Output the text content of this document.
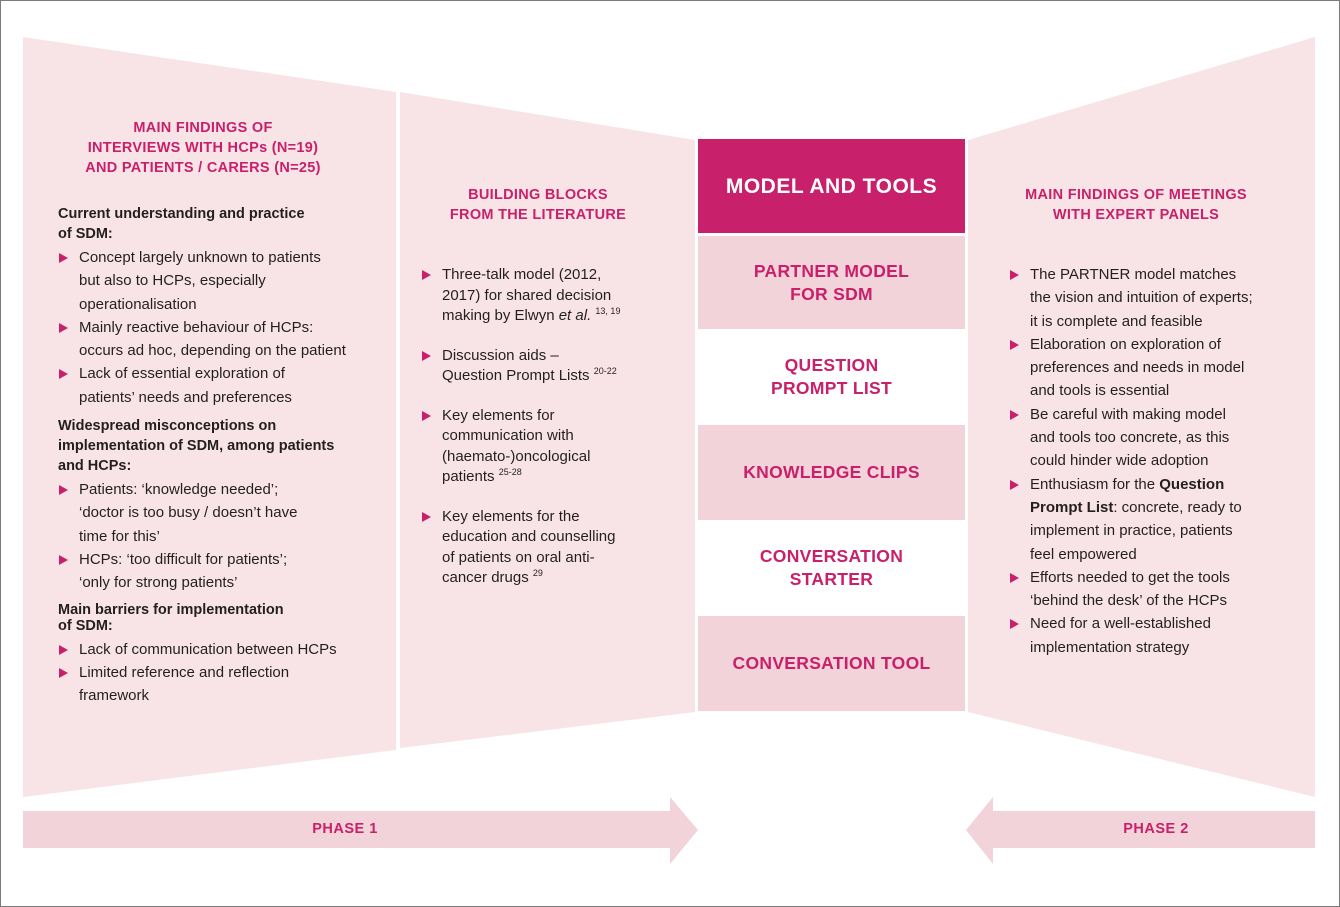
MAIN FINDINGS OF
INTERVIEWS WITH HCPs (N=19)
AND PATIENTS / CARERS (N=25)
Current understanding and practice
of SDM:
Concept largely unknown to patients
but also to HCPs, especially
operationalisation
Mainly reactive behaviour of HCPs:
occurs ad hoc, depending on the patient
Lack of essential exploration of
patients’ needs and preferences
Widespread misconceptions on
implementation of SDM, among patients
and HCPs:
Patients: ‘knowledge needed’;
‘doctor is too busy / doesn’t have
time for this’
HCPs: ‘too difficult for patients’;
‘only for strong patients’
Main barriers for implementation
of SDM:
Lack of communication between HCPs
Limited reference and reflection
framework
BUILDING BLOCKS
FROM THE LITERATURE
Three-talk model (2012,
2017) for shared decision
making by Elwyn et al. $^{13, 19}$
Discussion aids –
Question Prompt Lists $^{20-22}$
Key elements for
communication with
(haemato-)oncological
patients $^{25-28}$
Key elements for the
education and counselling
of patients on oral anti-
cancer drugs $^{29}$
MODEL AND TOOLS
PARTNER MODEL
FOR SDM
QUESTION
PROMPT LIST
KNOWLEDGE CLIPS
CONVERSATION
STARTER
CONVERSATION TOOL
MAIN FINDINGS OF MEETINGS
WITH EXPERT PANELS
The PARTNER model matches
the vision and intuition of experts;
it is complete and feasible
Elaboration on exploration of
preferences and needs in model
and tools is essential
Be careful with making model
and tools too concrete, as this
could hinder wide adoption
Enthusiasm for the Question
Prompt List: concrete, ready to
implement in practice, patients
feel empowered
Efforts needed to get the tools
‘behind the desk’ of the HCPs
Need for a well-established
implementation strategy
PHASE 1	PHASE 2
